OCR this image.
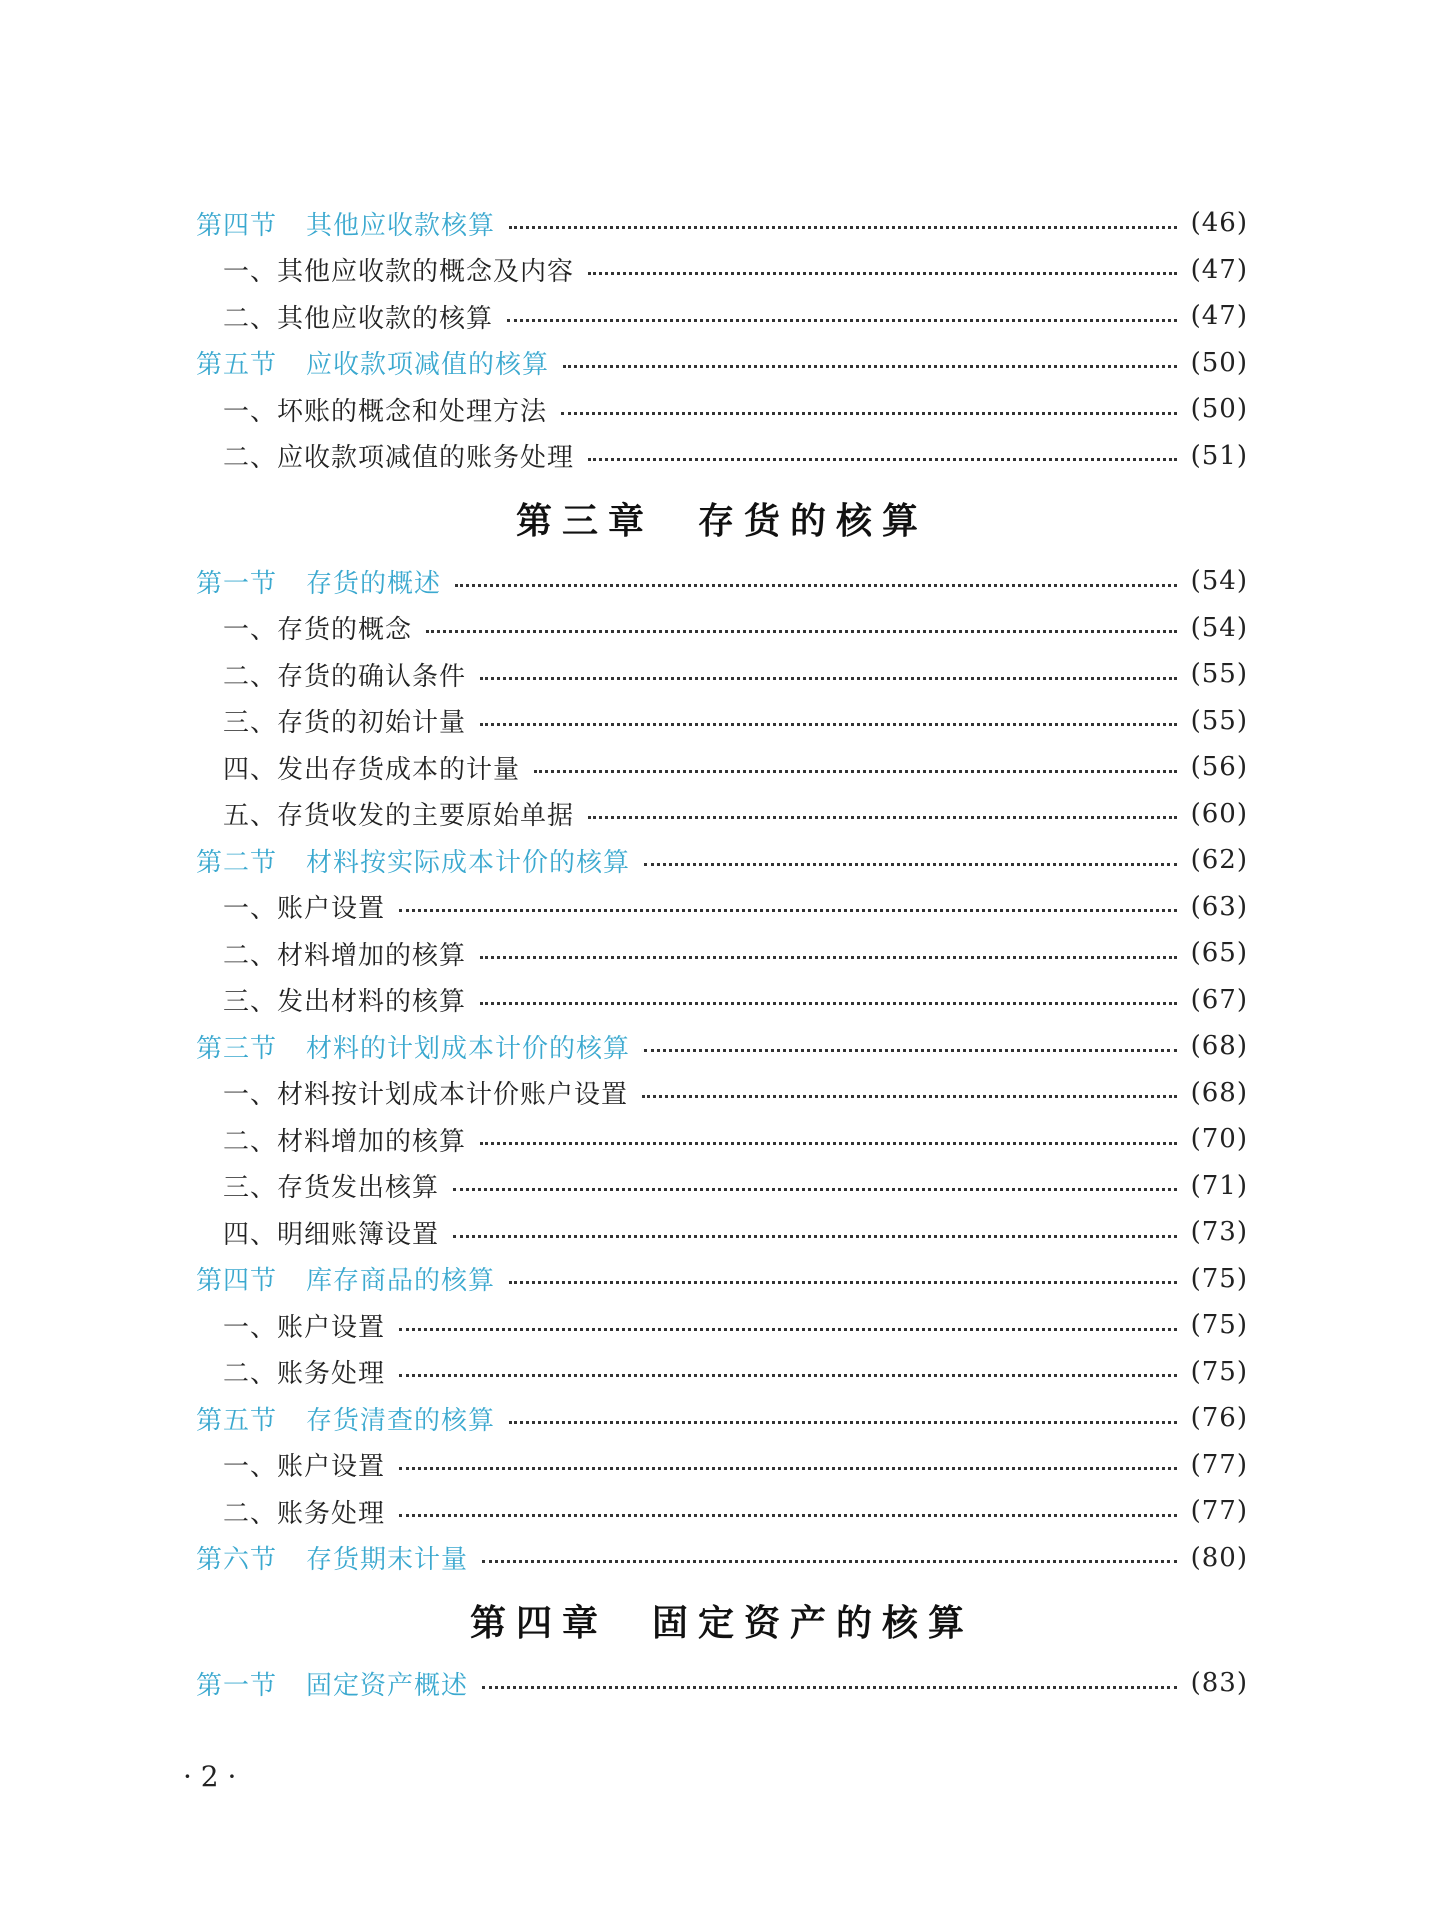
第四节 其他应收款核算	(46)
一、其他应收款的概念及内容	(47)
二、其他应收款的核算	(47)
第五节 应收款项减值的核算	(50)
一、坏账的概念和处理方法	(50)
二、应收款项减值的账务处理	(51)
第三章 存货的核算
第一节 存货的概述	(54)
一、存货的概念	(54)
二、存货的确认条件	(55)
三、存货的初始计量	(55)
四、发出存货成本的计量	(56)
五、存货收发的主要原始单据	(60)
第二节 材料按实际成本计价的核算	(62)
一、账户设置	(63)
二、材料增加的核算	(65)
三、发出材料的核算	(67)
第三节 材料的计划成本计价的核算	(68)
一、材料按计划成本计价账户设置	(68)
二、材料增加的核算	(70)
三、存货发出核算	(71)
四、明细账簿设置	(73)
第四节 库存商品的核算	(75)
一、账户设置	(75)
二、账务处理	(75)
第五节 存货清查的核算	(76)
一、账户设置	(77)
二、账务处理	(77)
第六节 存货期末计量	(80)
第四章 固定资产的核算
第一节 固定资产概述	(83)
· 2 ·
